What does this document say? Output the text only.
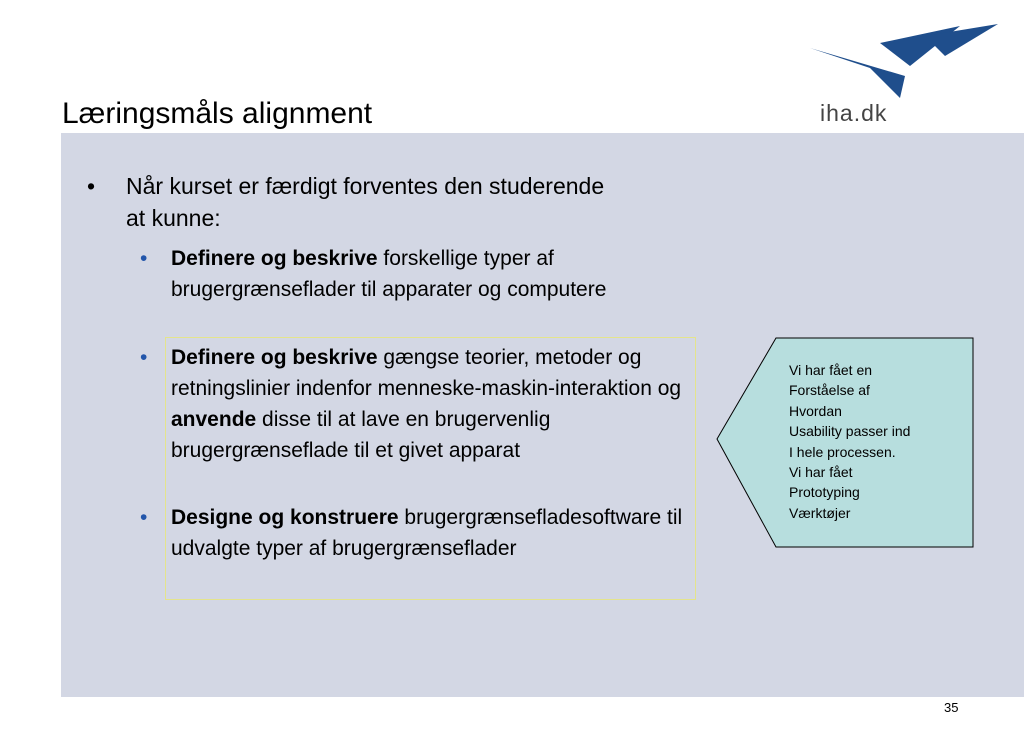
Læringsmåls alignment	iha.dk
• Når kurset er færdigt forventes den studerende at kunne:
• Definere og beskrive forskellige typer af brugergrænseflader til apparater og computere
• Definere og beskrive gængse teorier, metoder og retningslinier indenfor menneske-maskin-interaktion og anvende disse til at lave en brugervenlig brugergrænseflade til et givet apparat
• Designe og konstruere brugergrænsefladesoftware til udvalgte typer af brugergrænseflader
Vi har fået en
Forståelse af
Hvordan
Usability passer ind
I hele processen.
Vi har fået
Prototyping
Værktøjer
35
